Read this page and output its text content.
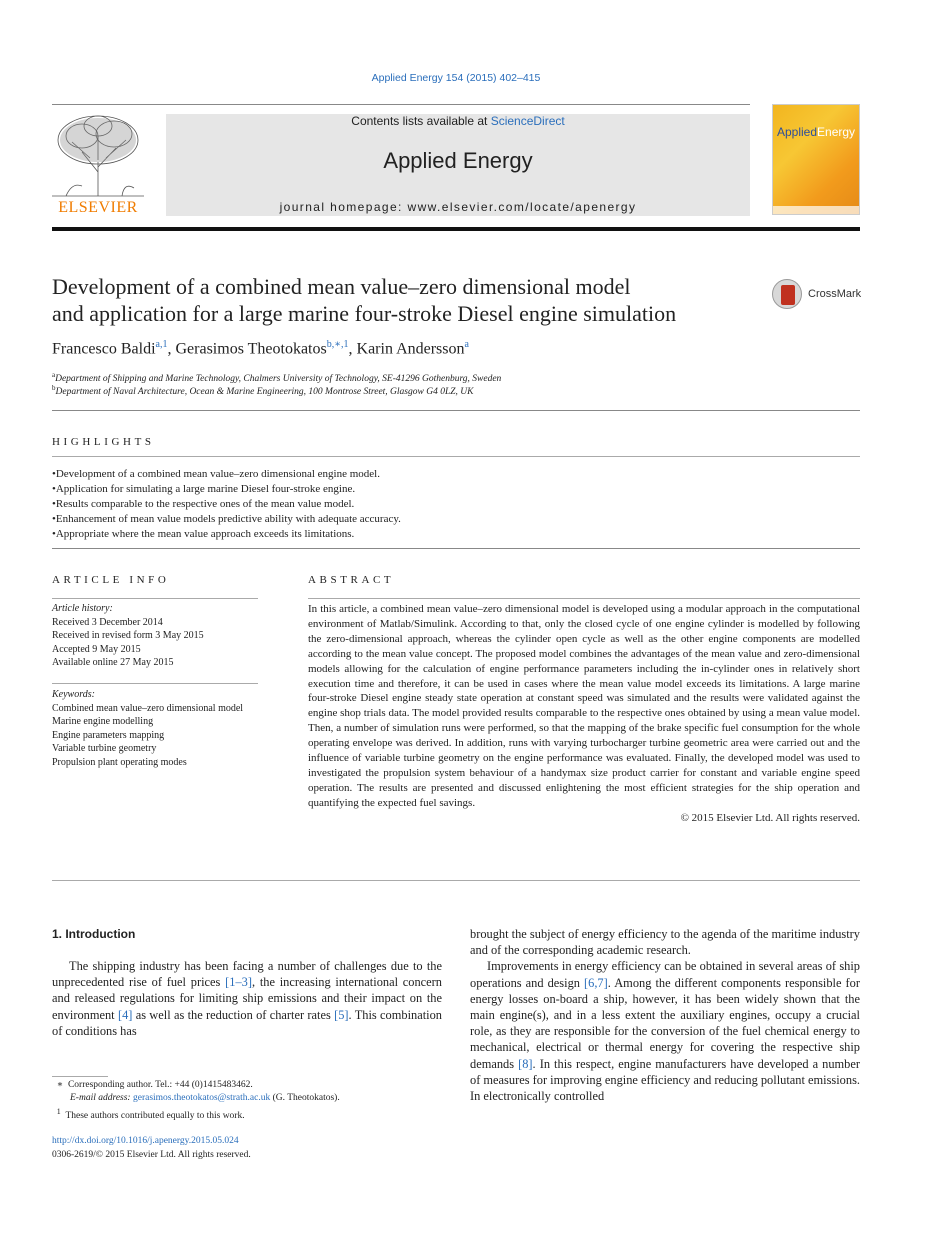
Applied Energy 154 (2015) 402–415
ELSEVIER
Contents lists available at ScienceDirect
Applied Energy
journal homepage: www.elsevier.com/locate/apenergy
AppliedEnergy
Development of a combined mean value–zero dimensional model
and application for a large marine four-stroke Diesel engine simulation
CrossMark
Francesco Baldi$^{a,1}$, Gerasimos Theotokatos$^{b,∗,1}$, Karin Andersson$^a$
$^a$Department of Shipping and Marine Technology, Chalmers University of Technology, SE-41296 Gothenburg, Sweden
$^b$Department of Naval Architecture, Ocean & Marine Engineering, 100 Montrose Street, Glasgow G4 0LZ, UK
HIGHLIGHTS
• Development of a combined mean value–zero dimensional engine model.
• Application for simulating a large marine Diesel four-stroke engine.
• Results comparable to the respective ones of the mean value model.
• Enhancement of mean value models predictive ability with adequate accuracy.
• Appropriate where the mean value approach exceeds its limitations.
ARTICLE INFO
Article history:
Received 3 December 2014
Received in revised form 3 May 2015
Accepted 9 May 2015
Available online 27 May 2015
Keywords:
Combined mean value–zero dimensional model
Marine engine modelling
Engine parameters mapping
Variable turbine geometry
Propulsion plant operating modes
ABSTRACT
In this article, a combined mean value–zero dimensional model is developed using a modular approach in the computational environment of Matlab/Simulink. According to that, only the closed cycle of one engine cylinder is modelled by following the zero-dimensional approach, whereas the cylinder open cycle as well as the other engine components are modelled according to the mean value concept. The proposed model combines the advantages of the mean value and zero-dimensional models allowing for the calculation of engine performance parameters including the in-cylinder ones in relatively short execution time and therefore, it can be used in cases where the mean value model exceeds its limitations. A large marine four-stroke Diesel engine steady state operation at constant speed was simulated and the results were validated against the engine shop trials data. The model provided results comparable to the respective ones obtained by using a mean value model. Then, a number of simulation runs were performed, so that the mapping of the brake specific fuel consumption for the whole operating envelope was derived. In addition, runs with varying turbocharger turbine geometric area were carried out and the influence of variable turbine geometry on the engine performance was evaluated. Finally, the developed model was used to investigated the propulsion system behaviour of a handymax size product carrier for constant and variable engine speed operation. The results are presented and discussed enlightening the most efficient strategies for the ship operation and quantifying the expected fuel savings.
© 2015 Elsevier Ltd. All rights reserved.
1. Introduction

The shipping industry has been facing a number of challenges due to the unprecedented rise of fuel prices [1–3], the increasing international concern and released regulations for limiting ship emissions and their impact on the environment [4] as well as the reduction of charter rates [5]. This combination of conditions has

brought the subject of energy efficiency to the agenda of the maritime industry and of the corresponding academic research.

Improvements in energy efficiency can be obtained in several areas of ship operations and design [6,7]. Among the different components responsible for energy losses on-board a ship, however, it has been widely shown that the main engine(s), and in a less extent the auxiliary engines, occupy a crucial role, as they are responsible for the conversion of the fuel chemical energy to mechanical, electrical or thermal energy for covering the respective ship demands [8]. In this respect, engine manufacturers have developed a number of measures for improving engine efficiency and reducing pollutant emissions. In electronically controlled

∗ Corresponding author. Tel.: +44 (0)1415483462.
E-mail address: gerasimos.theotokatos@strath.ac.uk (G. Theotokatos).
$^1$ These authors contributed equally to this work.
http://dx.doi.org/10.1016/j.apenergy.2015.05.024
0306-2619/© 2015 Elsevier Ltd. All rights reserved.
